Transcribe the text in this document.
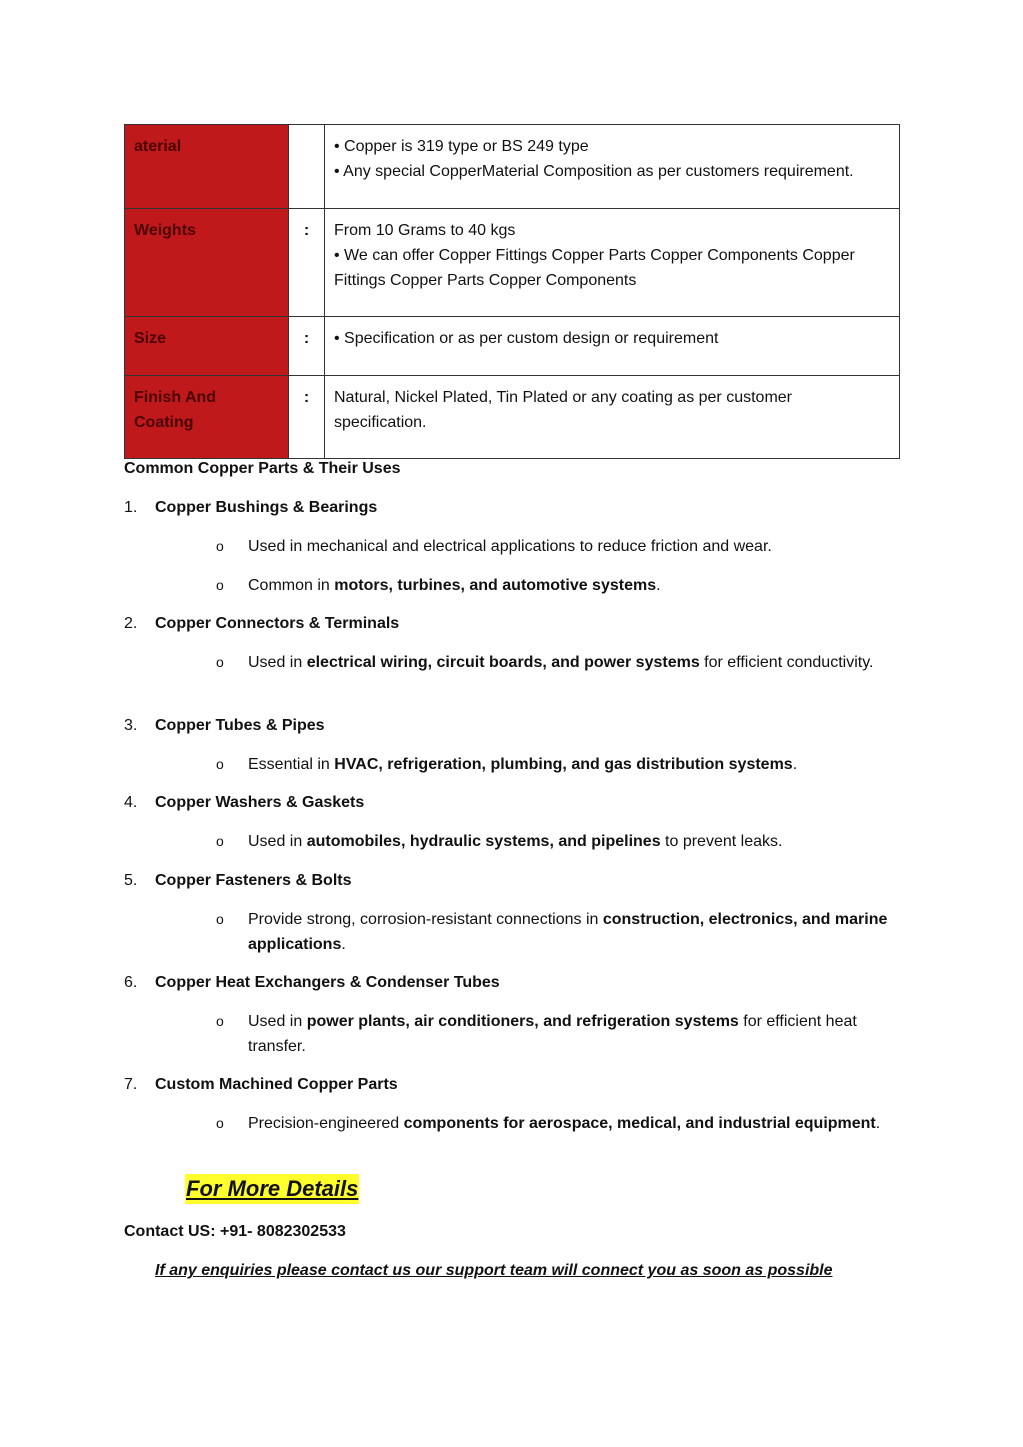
aterial		• Copper is 319 type or BS 249 type
• Any special CopperMaterial Composition as per customers requirement.

Weights	:	From 10 Grams to 40 kgs
• We can offer Copper Fittings Copper Parts Copper Components Copper
Fittings Copper Parts Copper Components

Size	:	• Specification or as per custom design or requirement

Finish And Coating	:	Natural, Nickel Plated, Tin Plated or any coating as per customer
specification.
Common Copper Parts & Their Uses
1. Copper Bushings & Bearings
o Used in mechanical and electrical applications to reduce friction and wear.
o Common in motors, turbines, and automotive systems.
2. Copper Connectors & Terminals
o Used in electrical wiring, circuit boards, and power systems for efficient conductivity.
3. Copper Tubes & Pipes
o Essential in HVAC, refrigeration, plumbing, and gas distribution systems.
4. Copper Washers & Gaskets
o Used in automobiles, hydraulic systems, and pipelines to prevent leaks.
5. Copper Fasteners & Bolts
o Provide strong, corrosion-resistant connections in construction, electronics, and marine applications.
6. Copper Heat Exchangers & Condenser Tubes
o Used in power plants, air conditioners, and refrigeration systems for efficient heat transfer.
7. Custom Machined Copper Parts
o Precision-engineered components for aerospace, medical, and industrial equipment.
For More Details
Contact US: +91- 8082302533
If any enquiries please contact us our support team will connect you as soon as possible
